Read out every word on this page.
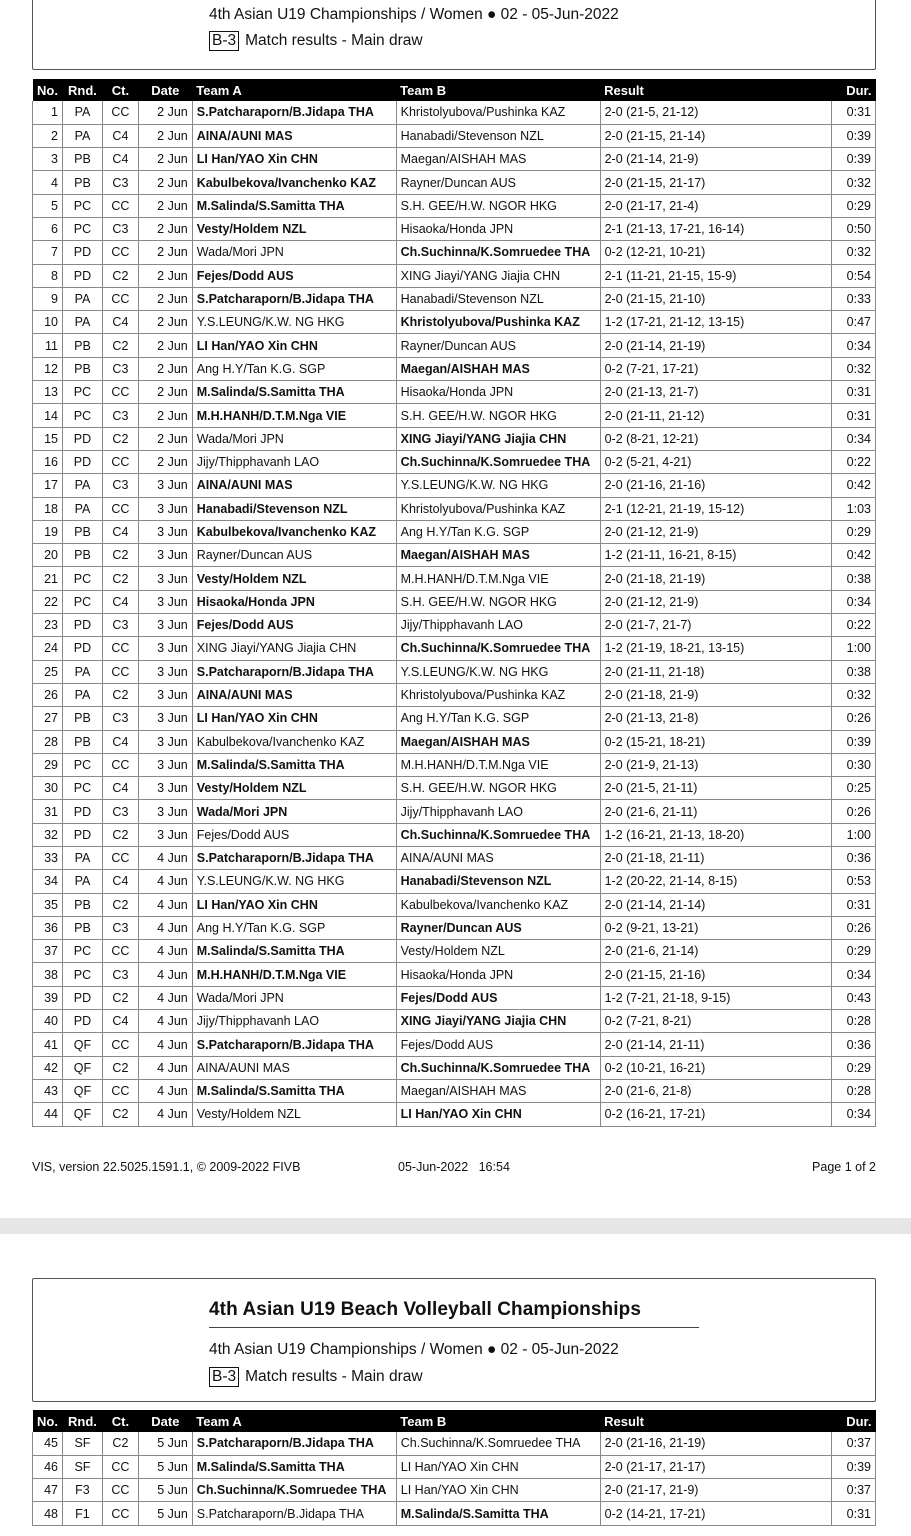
4th Asian U19 Championships / Women ● 02 - 05-Jun-2022
B-3 Match results - Main draw
No.	Rnd.	Ct.	Date	Team A	Team B	Result	Dur.
1	PA	CC	2 Jun	S.Patcharaporn/B.Jidapa THA	Khristolyubova/Pushinka KAZ	2-0 (21-5, 21-12)	0:31
2	PA	C4	2 Jun	AINA/AUNI MAS	Hanabadi/Stevenson NZL	2-0 (21-15, 21-14)	0:39
3	PB	C4	2 Jun	LI Han/YAO Xin CHN	Maegan/AISHAH MAS	2-0 (21-14, 21-9)	0:39
4	PB	C3	2 Jun	Kabulbekova/Ivanchenko KAZ	Rayner/Duncan AUS	2-0 (21-15, 21-17)	0:32
5	PC	CC	2 Jun	M.Salinda/S.Samitta THA	S.H. GEE/H.W. NGOR HKG	2-0 (21-17, 21-4)	0:29
6	PC	C3	2 Jun	Vesty/Holdem NZL	Hisaoka/Honda JPN	2-1 (21-13, 17-21, 16-14)	0:50
7	PD	CC	2 Jun	Wada/Mori JPN	Ch.Suchinna/K.Somruedee THA	0-2 (12-21, 10-21)	0:32
8	PD	C2	2 Jun	Fejes/Dodd AUS	XING Jiayi/YANG Jiajia CHN	2-1 (11-21, 21-15, 15-9)	0:54
9	PA	CC	2 Jun	S.Patcharaporn/B.Jidapa THA	Hanabadi/Stevenson NZL	2-0 (21-15, 21-10)	0:33
10	PA	C4	2 Jun	Y.S.LEUNG/K.W. NG HKG	Khristolyubova/Pushinka KAZ	1-2 (17-21, 21-12, 13-15)	0:47
11	PB	C2	2 Jun	LI Han/YAO Xin CHN	Rayner/Duncan AUS	2-0 (21-14, 21-19)	0:34
12	PB	C3	2 Jun	Ang H.Y/Tan K.G. SGP	Maegan/AISHAH MAS	0-2 (7-21, 17-21)	0:32
13	PC	CC	2 Jun	M.Salinda/S.Samitta THA	Hisaoka/Honda JPN	2-0 (21-13, 21-7)	0:31
14	PC	C3	2 Jun	M.H.HANH/D.T.M.Nga VIE	S.H. GEE/H.W. NGOR HKG	2-0 (21-11, 21-12)	0:31
15	PD	C2	2 Jun	Wada/Mori JPN	XING Jiayi/YANG Jiajia CHN	0-2 (8-21, 12-21)	0:34
16	PD	CC	2 Jun	Jijy/Thipphavanh LAO	Ch.Suchinna/K.Somruedee THA	0-2 (5-21, 4-21)	0:22
17	PA	C3	3 Jun	AINA/AUNI MAS	Y.S.LEUNG/K.W. NG HKG	2-0 (21-16, 21-16)	0:42
18	PA	CC	3 Jun	Hanabadi/Stevenson NZL	Khristolyubova/Pushinka KAZ	2-1 (12-21, 21-19, 15-12)	1:03
19	PB	C4	3 Jun	Kabulbekova/Ivanchenko KAZ	Ang H.Y/Tan K.G. SGP	2-0 (21-12, 21-9)	0:29
20	PB	C2	3 Jun	Rayner/Duncan AUS	Maegan/AISHAH MAS	1-2 (21-11, 16-21, 8-15)	0:42
21	PC	C2	3 Jun	Vesty/Holdem NZL	M.H.HANH/D.T.M.Nga VIE	2-0 (21-18, 21-19)	0:38
22	PC	C4	3 Jun	Hisaoka/Honda JPN	S.H. GEE/H.W. NGOR HKG	2-0 (21-12, 21-9)	0:34
23	PD	C3	3 Jun	Fejes/Dodd AUS	Jijy/Thipphavanh LAO	2-0 (21-7, 21-7)	0:22
24	PD	CC	3 Jun	XING Jiayi/YANG Jiajia CHN	Ch.Suchinna/K.Somruedee THA	1-2 (21-19, 18-21, 13-15)	1:00
25	PA	CC	3 Jun	S.Patcharaporn/B.Jidapa THA	Y.S.LEUNG/K.W. NG HKG	2-0 (21-11, 21-18)	0:38
26	PA	C2	3 Jun	AINA/AUNI MAS	Khristolyubova/Pushinka KAZ	2-0 (21-18, 21-9)	0:32
27	PB	C3	3 Jun	LI Han/YAO Xin CHN	Ang H.Y/Tan K.G. SGP	2-0 (21-13, 21-8)	0:26
28	PB	C4	3 Jun	Kabulbekova/Ivanchenko KAZ	Maegan/AISHAH MAS	0-2 (15-21, 18-21)	0:39
29	PC	CC	3 Jun	M.Salinda/S.Samitta THA	M.H.HANH/D.T.M.Nga VIE	2-0 (21-9, 21-13)	0:30
30	PC	C4	3 Jun	Vesty/Holdem NZL	S.H. GEE/H.W. NGOR HKG	2-0 (21-5, 21-11)	0:25
31	PD	C3	3 Jun	Wada/Mori JPN	Jijy/Thipphavanh LAO	2-0 (21-6, 21-11)	0:26
32	PD	C2	3 Jun	Fejes/Dodd AUS	Ch.Suchinna/K.Somruedee THA	1-2 (16-21, 21-13, 18-20)	1:00
33	PA	CC	4 Jun	S.Patcharaporn/B.Jidapa THA	AINA/AUNI MAS	2-0 (21-18, 21-11)	0:36
34	PA	C4	4 Jun	Y.S.LEUNG/K.W. NG HKG	Hanabadi/Stevenson NZL	1-2 (20-22, 21-14, 8-15)	0:53
35	PB	C2	4 Jun	LI Han/YAO Xin CHN	Kabulbekova/Ivanchenko KAZ	2-0 (21-14, 21-14)	0:31
36	PB	C3	4 Jun	Ang H.Y/Tan K.G. SGP	Rayner/Duncan AUS	0-2 (9-21, 13-21)	0:26
37	PC	CC	4 Jun	M.Salinda/S.Samitta THA	Vesty/Holdem NZL	2-0 (21-6, 21-14)	0:29
38	PC	C3	4 Jun	M.H.HANH/D.T.M.Nga VIE	Hisaoka/Honda JPN	2-0 (21-15, 21-16)	0:34
39	PD	C2	4 Jun	Wada/Mori JPN	Fejes/Dodd AUS	1-2 (7-21, 21-18, 9-15)	0:43
40	PD	C4	4 Jun	Jijy/Thipphavanh LAO	XING Jiayi/YANG Jiajia CHN	0-2 (7-21, 8-21)	0:28
41	QF	CC	4 Jun	S.Patcharaporn/B.Jidapa THA	Fejes/Dodd AUS	2-0 (21-14, 21-11)	0:36
42	QF	C2	4 Jun	AINA/AUNI MAS	Ch.Suchinna/K.Somruedee THA	0-2 (10-21, 16-21)	0:29
43	QF	CC	4 Jun	M.Salinda/S.Samitta THA	Maegan/AISHAH MAS	2-0 (21-6, 21-8)	0:28
44	QF	C2	4 Jun	Vesty/Holdem NZL	LI Han/YAO Xin CHN	0-2 (16-21, 17-21)	0:34
VIS, version 22.5025.1591.1, © 2009-2022 FIVB	05-Jun-2022   16:54	Page 1 of 2
4th Asian U19 Beach Volleyball Championships
4th Asian U19 Championships / Women ● 02 - 05-Jun-2022
B-3 Match results - Main draw
No.	Rnd.	Ct.	Date	Team A	Team B	Result	Dur.
45	SF	C2	5 Jun	S.Patcharaporn/B.Jidapa THA	Ch.Suchinna/K.Somruedee THA	2-0 (21-16, 21-19)	0:37
46	SF	CC	5 Jun	M.Salinda/S.Samitta THA	LI Han/YAO Xin CHN	2-0 (21-17, 21-17)	0:39
47	F3	CC	5 Jun	Ch.Suchinna/K.Somruedee THA	LI Han/YAO Xin CHN	2-0 (21-17, 21-9)	0:37
48	F1	CC	5 Jun	S.Patcharaporn/B.Jidapa THA	M.Salinda/S.Samitta THA	0-2 (14-21, 17-21)	0:31
